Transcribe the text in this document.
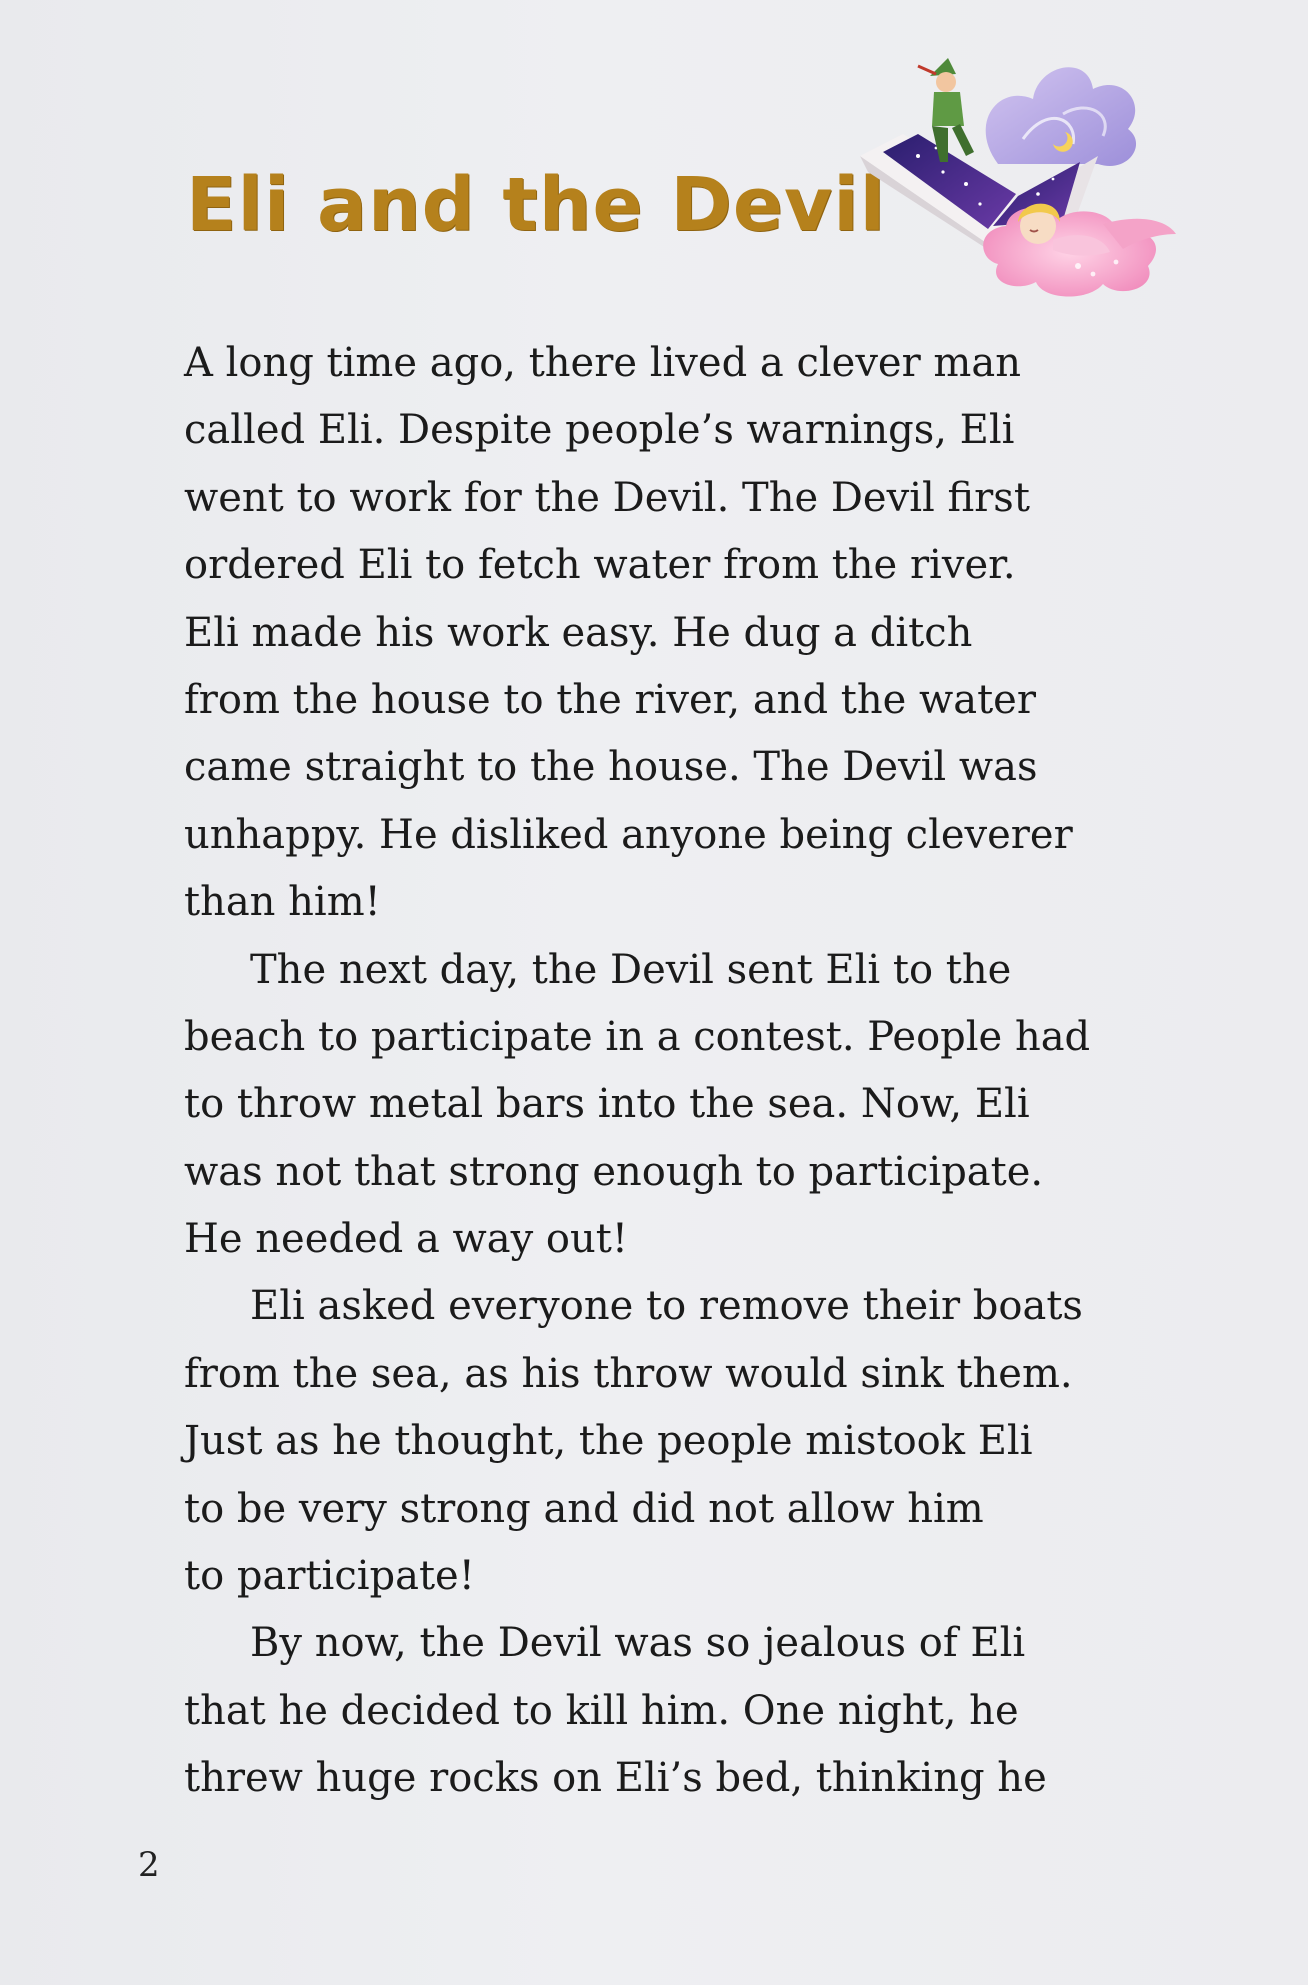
Eli and the Devil

A long time ago, there lived a clever man
called Eli. Despite people’s warnings, Eli
went to work for the Devil. The Devil first
ordered Eli to fetch water from the river.
Eli made his work easy. He dug a ditch
from the house to the river, and the water
came straight to the house. The Devil was
unhappy. He disliked anyone being cleverer
than him!

The next day, the Devil sent Eli to the
beach to participate in a contest. People had
to throw metal bars into the sea. Now, Eli
was not that strong enough to participate.
He needed a way out!

Eli asked everyone to remove their boats
from the sea, as his throw would sink them.
Just as he thought, the people mistook Eli
to be very strong and did not allow him
to participate!

By now, the Devil was so jealous of Eli
that he decided to kill him. One night, he
threw huge rocks on Eli’s bed, thinking he

2
